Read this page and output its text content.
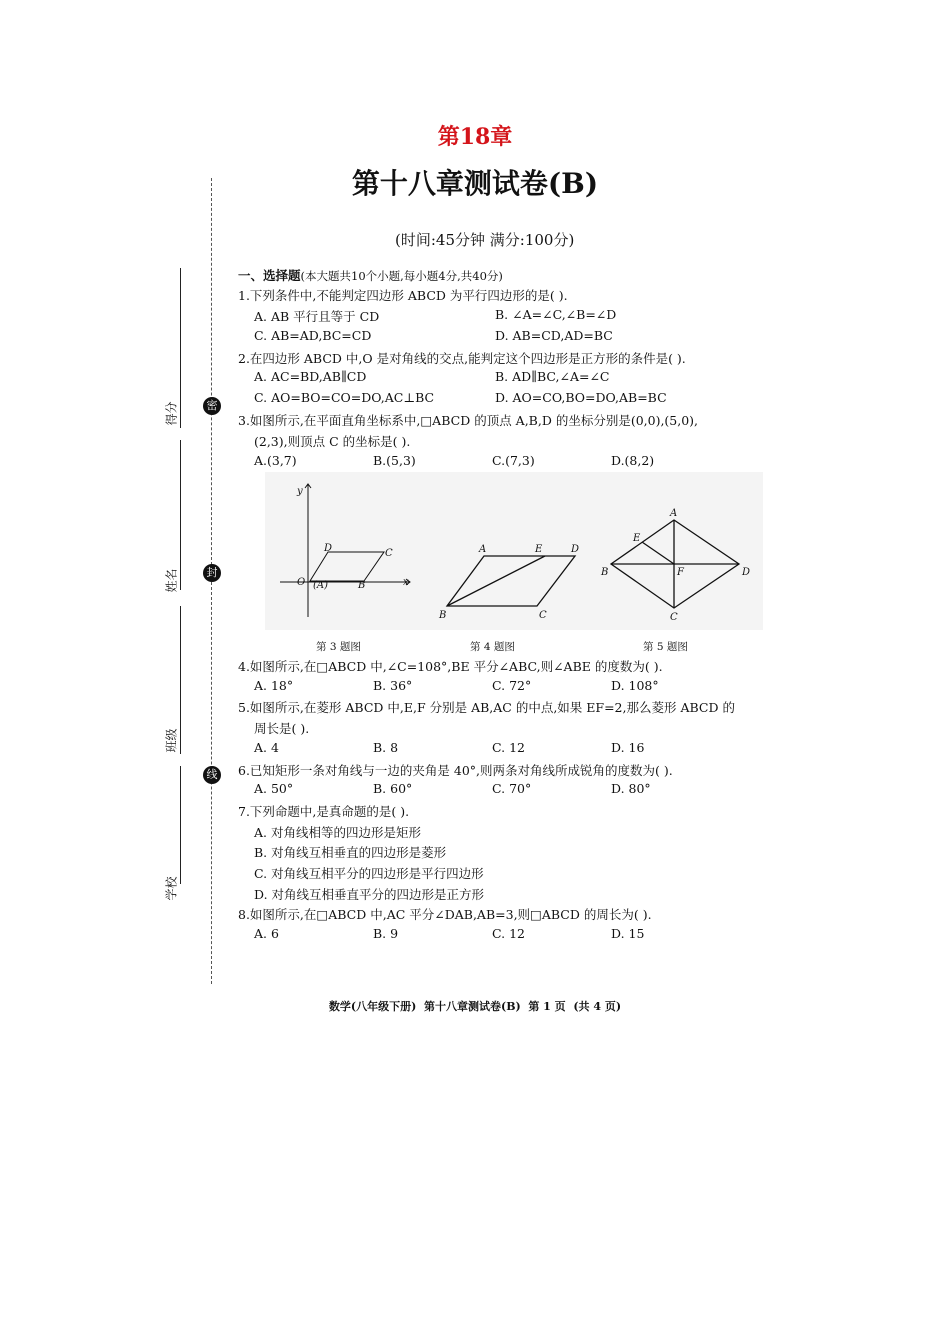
第18章
第十八章测试卷(B)
(时间:45分钟 满分:100分)
密
封
线
得分
姓名
班级
学校
一、选择题(本大题共10个小题,每小题4分,共40分)
1.下列条件中,不能判定四边形 ABCD 为平行四边形的是( ).
A. AB 平行且等于 CD	B. ∠A=∠C,∠B=∠D
C. AB=AD,BC=CD	D. AB=CD,AD=BC
2.在四边形 ABCD 中,O 是对角线的交点,能判定这个四边形是正方形的条件是( ).
A. AC=BD,AB∥CD	B. AD∥BC,∠A=∠C
C. AO=BO=CO=DO,AC⊥BC	D. AO=CO,BO=DO,AB=BC
3.如图所示,在平面直角坐标系中,□ABCD 的顶点 A,B,D 的坐标分别是(0,0),(5,0),
(2,3),则顶点 C 的坐标是( ).
A.(3,7)	B.(5,3)	C.(7,3)	D.(8,2)
y
x
O (A)	B
C
D	A
B	C
D
E
A
B
C
D
E
F
第 3 题图	第 4 题图	第 5 题图
4.如图所示,在□ABCD 中,∠C=108°,BE 平分∠ABC,则∠ABE 的度数为( ).
A. 18°	B. 36°	C. 72°	D. 108°
5.如图所示,在菱形 ABCD 中,E,F 分别是 AB,AC 的中点,如果 EF=2,那么菱形 ABCD 的
周长是( ).
A. 4	B. 8	C. 12	D. 16
6.已知矩形一条对角线与一边的夹角是 40°,则两条对角线所成锐角的度数为( ).
A. 50°	B. 60°	C. 70°	D. 80°
7.下列命题中,是真命题的是( ).
A. 对角线相等的四边形是矩形
B. 对角线互相垂直的四边形是菱形
C. 对角线互相平分的四边形是平行四边形
D. 对角线互相垂直平分的四边形是正方形
8.如图所示,在□ABCD 中,AC 平分∠DAB,AB=3,则□ABCD 的周长为( ).
A. 6	B. 9	C. 12	D. 15
数学(八年级下册)  第十八章测试卷(B)  第 1 页  (共 4 页)
